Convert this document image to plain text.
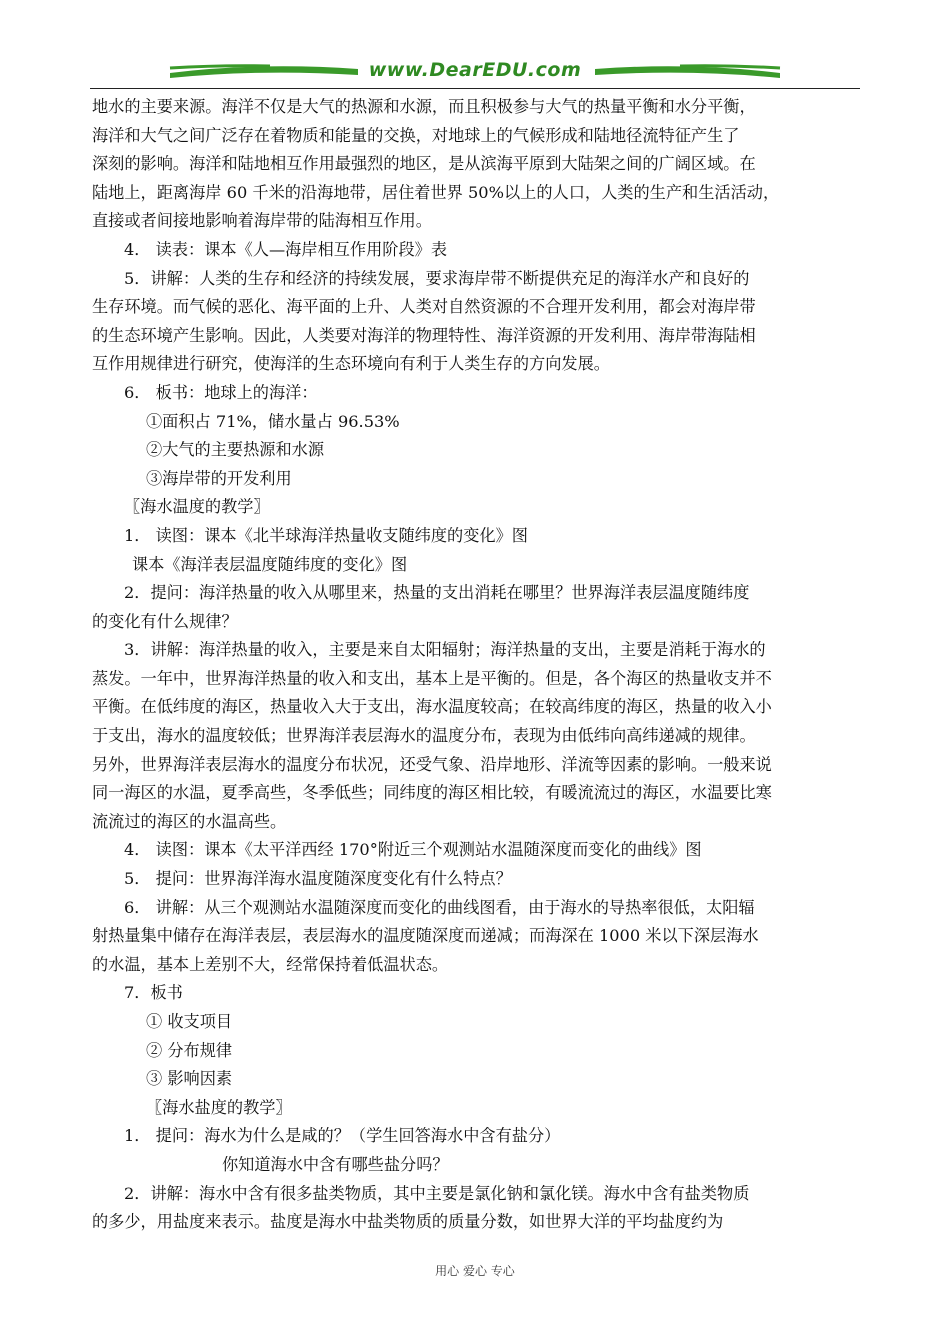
www.DearEDU.com
地水的主要来源。海洋不仅是大气的热源和水源，而且积极参与大气的热量平衡和水分平衡，
海洋和大气之间广泛存在着物质和能量的交换，对地球上的气候形成和陆地径流特征产生了
深刻的影响。海洋和陆地相互作用最强烈的地区，是从滨海平原到大陆架之间的广阔区域。在
陆地上，距离海岸 60 千米的沿海地带，居住着世界 50%以上的人口，人类的生产和生活活动，
直接或者间接地影响着海岸带的陆海相互作用。
4． 读表：课本《人—海岸相互作用阶段》表
5．讲解：人类的生存和经济的持续发展，要求海岸带不断提供充足的海洋水产和良好的
生存环境。而气候的恶化、海平面的上升、人类对自然资源的不合理开发利用，都会对海岸带
的生态环境产生影响。因此，人类要对海洋的物理特性、海洋资源的开发利用、海岸带海陆相
互作用规律进行研究，使海洋的生态环境向有利于人类生存的方向发展。
6． 板书：地球上的海洋：
①面积占 71%，储水量占 96.53%
②大气的主要热源和水源
③海岸带的开发利用
〖海水温度的教学〗
1． 读图：课本《北半球海洋热量收支随纬度的变化》图
课本《海洋表层温度随纬度的变化》图
2．提问：海洋热量的收入从哪里来，热量的支出消耗在哪里？世界海洋表层温度随纬度
的变化有什么规律？
3．讲解：海洋热量的收入，主要是来自太阳辐射；海洋热量的支出，主要是消耗于海水的
蒸发。一年中，世界海洋热量的收入和支出，基本上是平衡的。但是，各个海区的热量收支并不
平衡。在低纬度的海区，热量收入大于支出，海水温度较高；在较高纬度的海区，热量的收入小
于支出，海水的温度较低；世界海洋表层海水的温度分布，表现为由低纬向高纬递减的规律。
另外，世界海洋表层海水的温度分布状况，还受气象、沿岸地形、洋流等因素的影响。一般来说
同一海区的水温，夏季高些，冬季低些；同纬度的海区相比较，有暖流流过的海区，水温要比寒
流流过的海区的水温高些。
4． 读图：课本《太平洋西经 170°附近三个观测站水温随深度而变化的曲线》图
5． 提问：世界海洋海水温度随深度变化有什么特点？
6． 讲解：从三个观测站水温随深度而变化的曲线图看，由于海水的导热率很低，太阳辐
射热量集中储存在海洋表层，表层海水的温度随深度而递减；而海深在 1000 米以下深层海水
的水温，基本上差别不大，经常保持着低温状态。
7．板书
① 收支项目
② 分布规律
③ 影响因素
〖海水盐度的教学〗
1． 提问：海水为什么是咸的？（学生回答海水中含有盐分）
你知道海水中含有哪些盐分吗？
2．讲解：海水中含有很多盐类物质，其中主要是氯化钠和氯化镁。海水中含有盐类物质
的多少，用盐度来表示。盐度是海水中盐类物质的质量分数，如世界大洋的平均盐度约为
用心 爱心 专心
